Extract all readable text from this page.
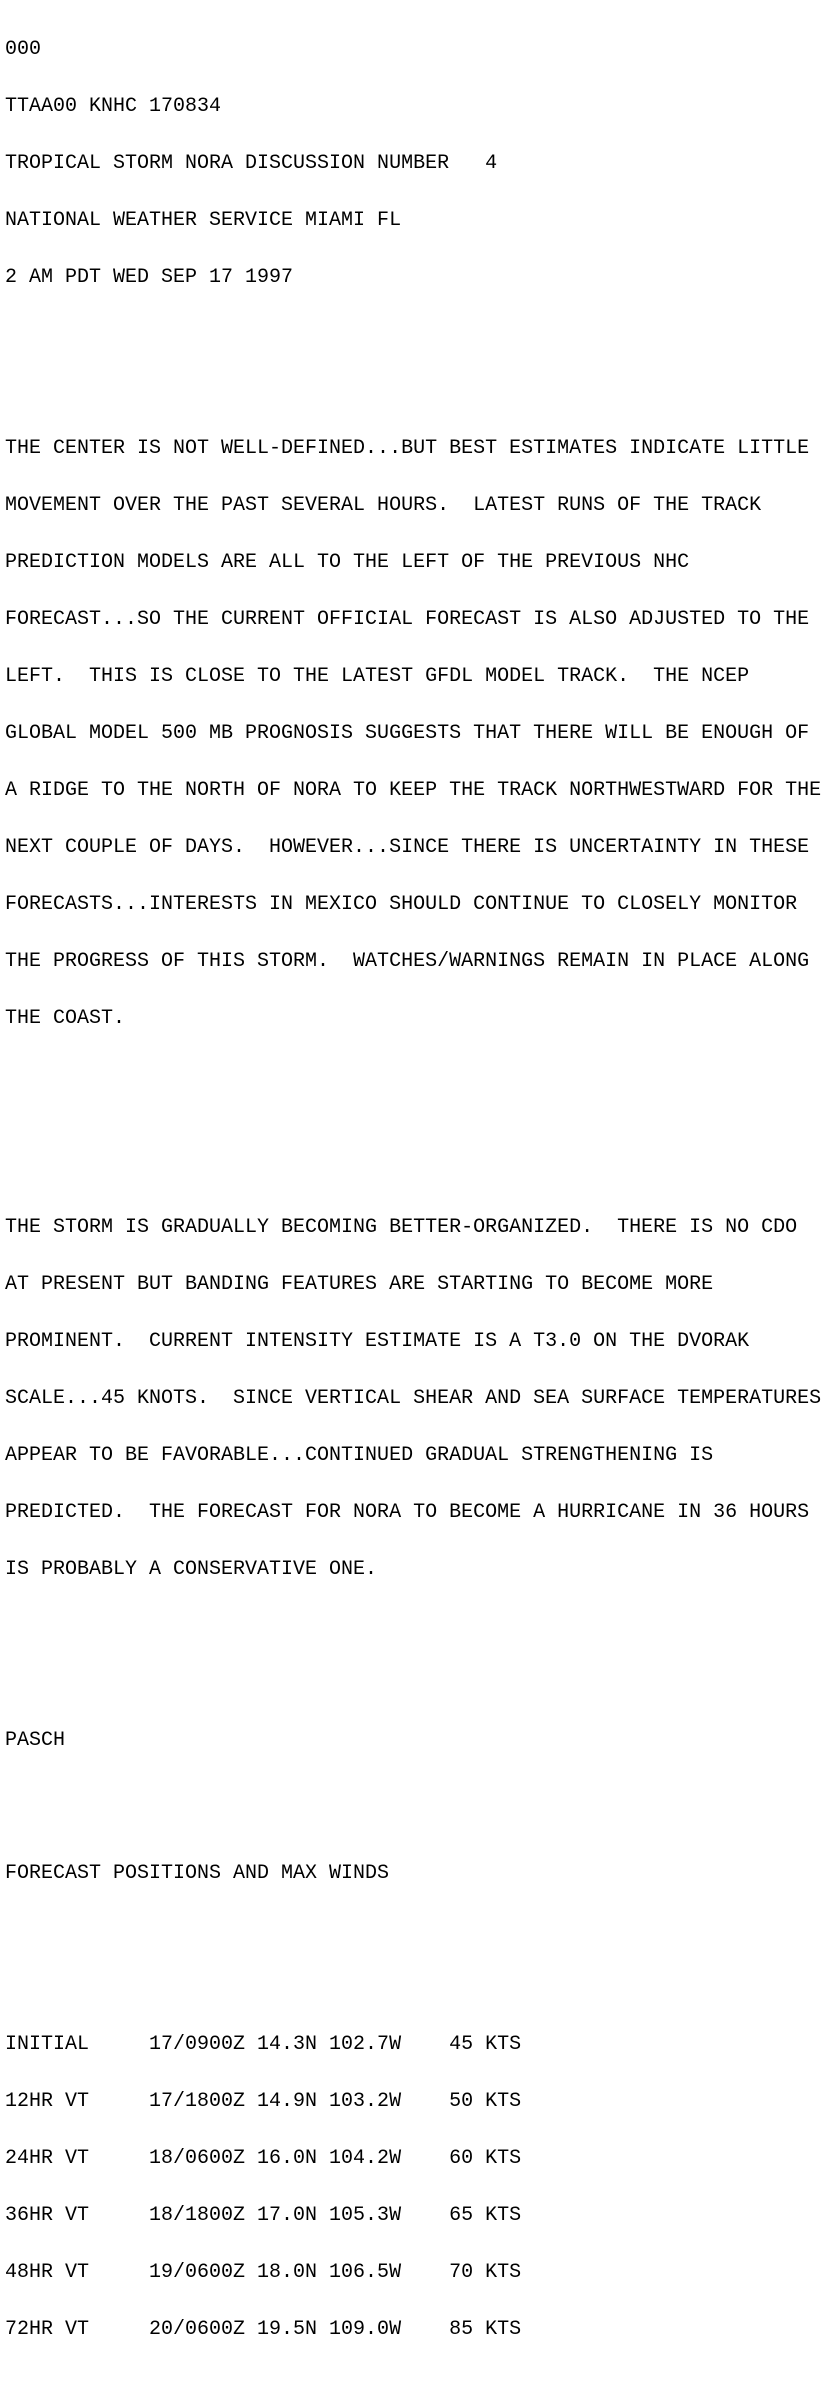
000

TTAA00 KNHC 170834

TROPICAL STORM NORA DISCUSSION NUMBER   4

NATIONAL WEATHER SERVICE MIAMI FL

2 AM PDT WED SEP 17 1997

THE CENTER IS NOT WELL-DEFINED...BUT BEST ESTIMATES INDICATE LITTLE

MOVEMENT OVER THE PAST SEVERAL HOURS.  LATEST RUNS OF THE TRACK

PREDICTION MODELS ARE ALL TO THE LEFT OF THE PREVIOUS NHC

FORECAST...SO THE CURRENT OFFICIAL FORECAST IS ALSO ADJUSTED TO THE

LEFT.  THIS IS CLOSE TO THE LATEST GFDL MODEL TRACK.  THE NCEP

GLOBAL MODEL 500 MB PROGNOSIS SUGGESTS THAT THERE WILL BE ENOUGH OF

A RIDGE TO THE NORTH OF NORA TO KEEP THE TRACK NORTHWESTWARD FOR THE

NEXT COUPLE OF DAYS.  HOWEVER...SINCE THERE IS UNCERTAINTY IN THESE

FORECASTS...INTERESTS IN MEXICO SHOULD CONTINUE TO CLOSELY MONITOR

THE PROGRESS OF THIS STORM.  WATCHES/WARNINGS REMAIN IN PLACE ALONG

THE COAST.

THE STORM IS GRADUALLY BECOMING BETTER-ORGANIZED.  THERE IS NO CDO

AT PRESENT BUT BANDING FEATURES ARE STARTING TO BECOME MORE

PROMINENT.  CURRENT INTENSITY ESTIMATE IS A T3.0 ON THE DVORAK

SCALE...45 KNOTS.  SINCE VERTICAL SHEAR AND SEA SURFACE TEMPERATURES

APPEAR TO BE FAVORABLE...CONTINUED GRADUAL STRENGTHENING IS

PREDICTED.  THE FORECAST FOR NORA TO BECOME A HURRICANE IN 36 HOURS

IS PROBABLY A CONSERVATIVE ONE.

PASCH

FORECAST POSITIONS AND MAX WINDS

INITIAL     17/0900Z 14.3N 102.7W    45 KTS

12HR VT     17/1800Z 14.9N 103.2W    50 KTS

24HR VT     18/0600Z 16.0N 104.2W    60 KTS

36HR VT     18/1800Z 17.0N 105.3W    65 KTS

48HR VT     19/0600Z 18.0N 106.5W    70 KTS

72HR VT     20/0600Z 19.5N 109.0W    85 KTS
